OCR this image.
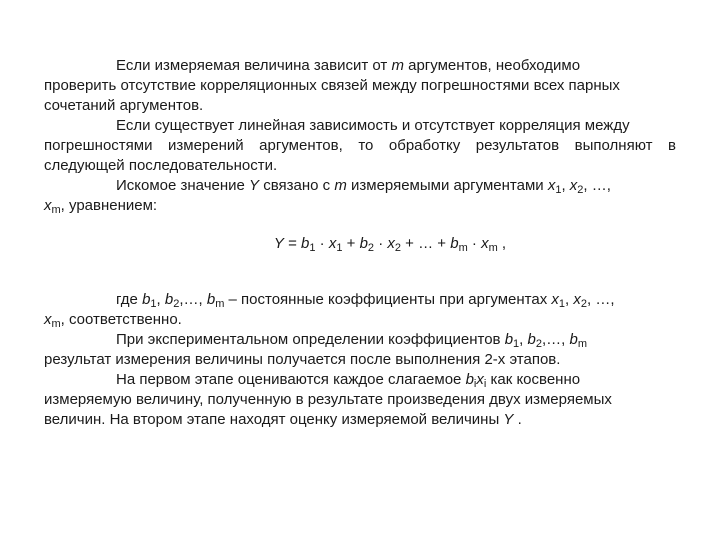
Если измеряемая величина зависит от m аргументов, необходимо
проверить отсутствие корреляционных связей между погрешностями всех парных
сочетаний аргументов.
Если существует линейная зависимость и отсутствует корреляция между
погрешностями измерений аргументов, то обработку результатов выполняют в
следующей последовательности.
Искомое значение Y связано с m измеряемыми аргументами $x_1$, $x_2$, …,
$x_m$, уравнением:
$Y = b_1 \cdot x_1 + b_2 \cdot x_2$ + … + $b_m \cdot x_m$ ,
где $b_1$, $b_2,\dots$, $b_m$ – постоянные коэффициенты при аргументах $x_1$, $x_2$, …,
$x_m$, соответственно.
При экспериментальном определении коэффициентов $b_1$, $b_2,\dots$, $b_m$
результат измерения величины получается после выполнения 2-х этапов.
На первом этапе оцениваются каждое слагаемое $b_ix_i$ как косвенно
измеряемую величину, полученную в результате произведения двух измеряемых
величин. На втором этапе находят оценку измеряемой величины Y .
